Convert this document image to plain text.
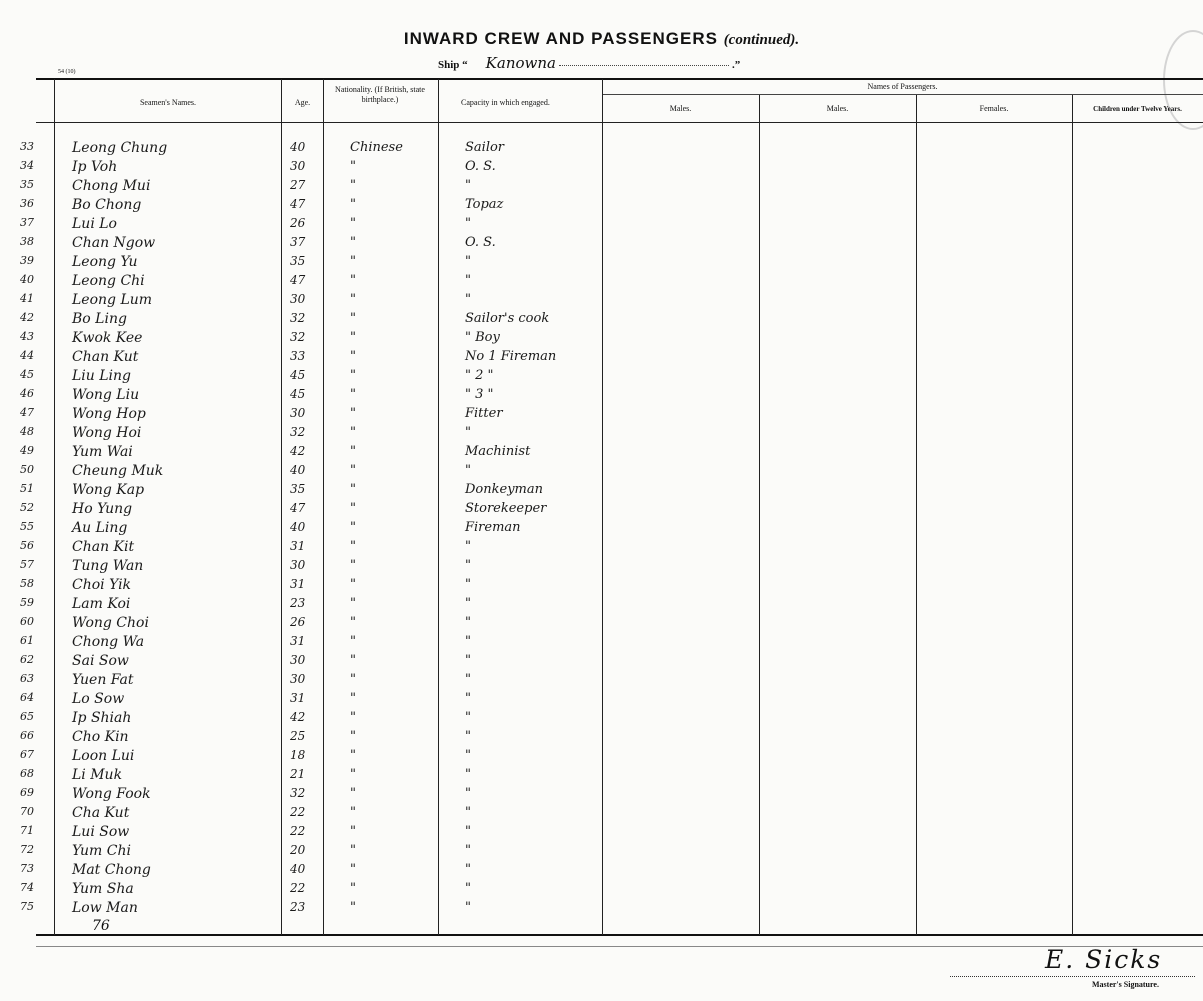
INWARD CREW AND PASSENGERS (continued).
Ship “ Kanowna	.”
54 (10)
Seamen's Names.	Age.
Nationality. (If British, state birthplace.)	Capacity in which engaged.
Names of Passengers.
Males.	Males.	Females.	Children under Twelve Years.
33	Leong Chung	40	Chinese	Sailor
34	Ip Voh	30	"	O. S.
35	Chong Mui	27	"	"
36	Bo Chong	47	"	Topaz
37	Lui Lo	26	"	"
38	Chan Ngow	37	"	O. S.
39	Leong Yu	35	"	"
40	Leong Chi	47	"	"
41	Leong Lum	30	"	"
42	Bo Ling	32	"	Sailor's cook
43	Kwok Kee	32	"	" Boy
44	Chan Kut	33	"	No 1 Fireman
45	Liu Ling	45	"	" 2 "
46	Wong Liu	45	"	" 3 "
47	Wong Hop	30	"	Fitter
48	Wong Hoi	32	"	"
49	Yum Wai	42	"	Machinist
50	Cheung Muk	40	"	"
51	Wong Kap	35	"	Donkeyman
52	Ho Yung	47	"	Storekeeper
55	Au Ling	40	"	Fireman
56	Chan Kit	31	"	"
57	Tung Wan	30	"	"
58	Choi Yik	31	"	"
59	Lam Koi	23	"	"
60	Wong Choi	26	"	"
61	Chong Wa	31	"	"
62	Sai Sow	30	"	"
63	Yuen Fat	30	"	"
64	Lo Sow	31	"	"
65	Ip Shiah	42	"	"
66	Cho Kin	25	"	"
67	Loon Lui	18	"	"
68	Li Muk	21	"	"
69	Wong Fook	32	"	"
70	Cha Kut	22	"	"
71	Lui Sow	22	"	"
72	Yum Chi	20	"	"
73	Mat Chong	40	"	"
74	Yum Sha	22	"	"
75	Low Man	23	"	"
76
E. Sicks
Master's Signature.
